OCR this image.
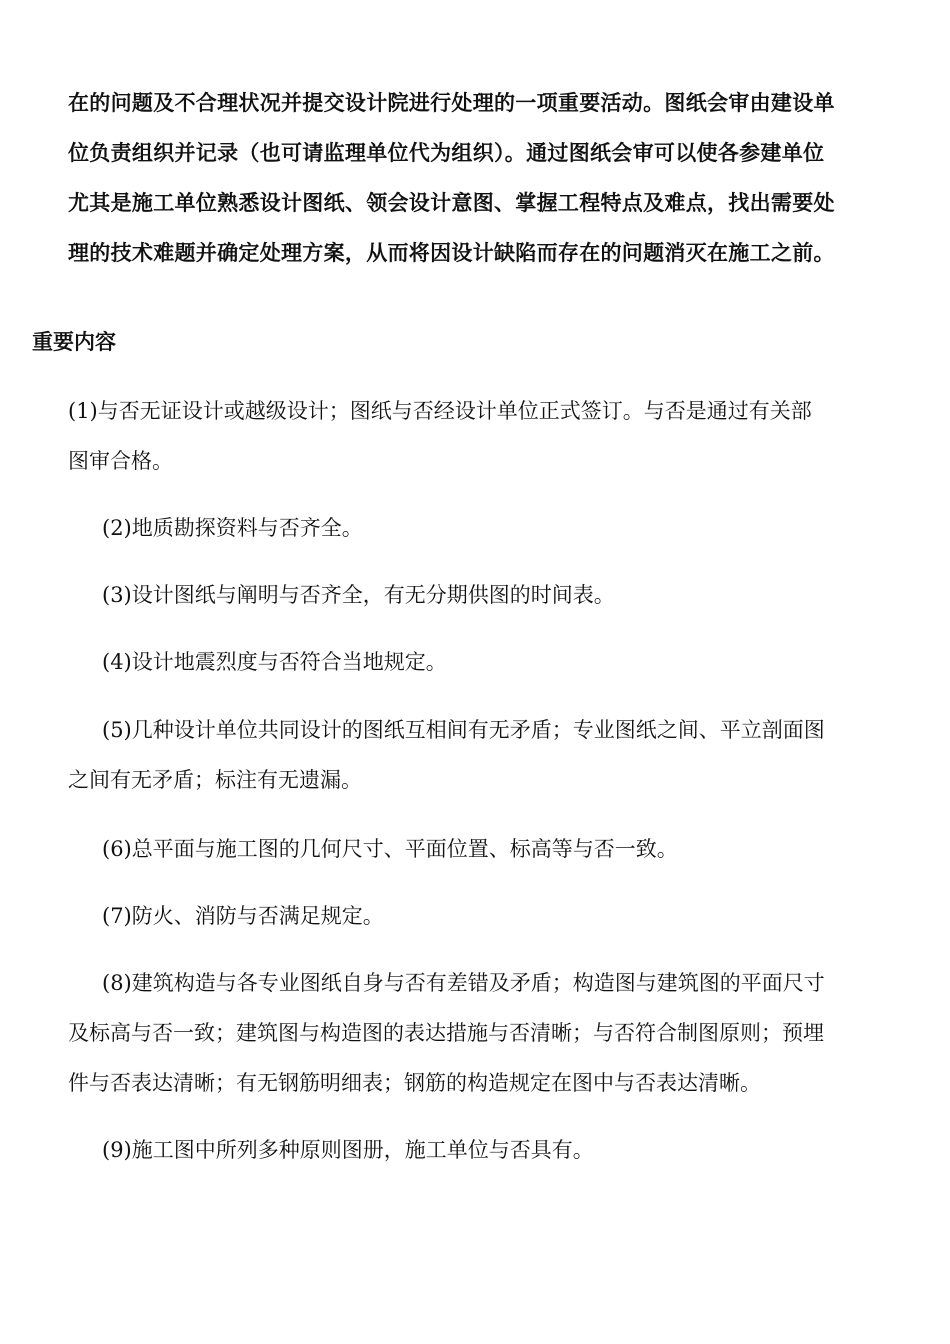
在的问题及不合理状况并提交设计院进行处理的一项重要活动。图纸会审由建设单
位负责组织并记录（也可请监理单位代为组织）。通过图纸会审可以使各参建单位
尤其是施工单位熟悉设计图纸、领会设计意图、掌握工程特点及难点，找出需要处
理的技术难题并确定处理方案，从而将因设计缺陷而存在的问题消灭在施工之前。
重要内容
(1)与否无证设计或越级设计；图纸与否经设计单位正式签订。与否是通过有关部
图审合格。
(2)地质勘探资料与否齐全。
(3)设计图纸与阐明与否齐全，有无分期供图的时间表。
(4)设计地震烈度与否符合当地规定。
(5)几种设计单位共同设计的图纸互相间有无矛盾；专业图纸之间、平立剖面图
之间有无矛盾；标注有无遗漏。
(6)总平面与施工图的几何尺寸、平面位置、标高等与否一致。
(7)防火、消防与否满足规定。
(8)建筑构造与各专业图纸自身与否有差错及矛盾；构造图与建筑图的平面尺寸
及标高与否一致；建筑图与构造图的表达措施与否清晰；与否符合制图原则；预埋
件与否表达清晰；有无钢筋明细表；钢筋的构造规定在图中与否表达清晰。
(9)施工图中所列多种原则图册，施工单位与否具有。
